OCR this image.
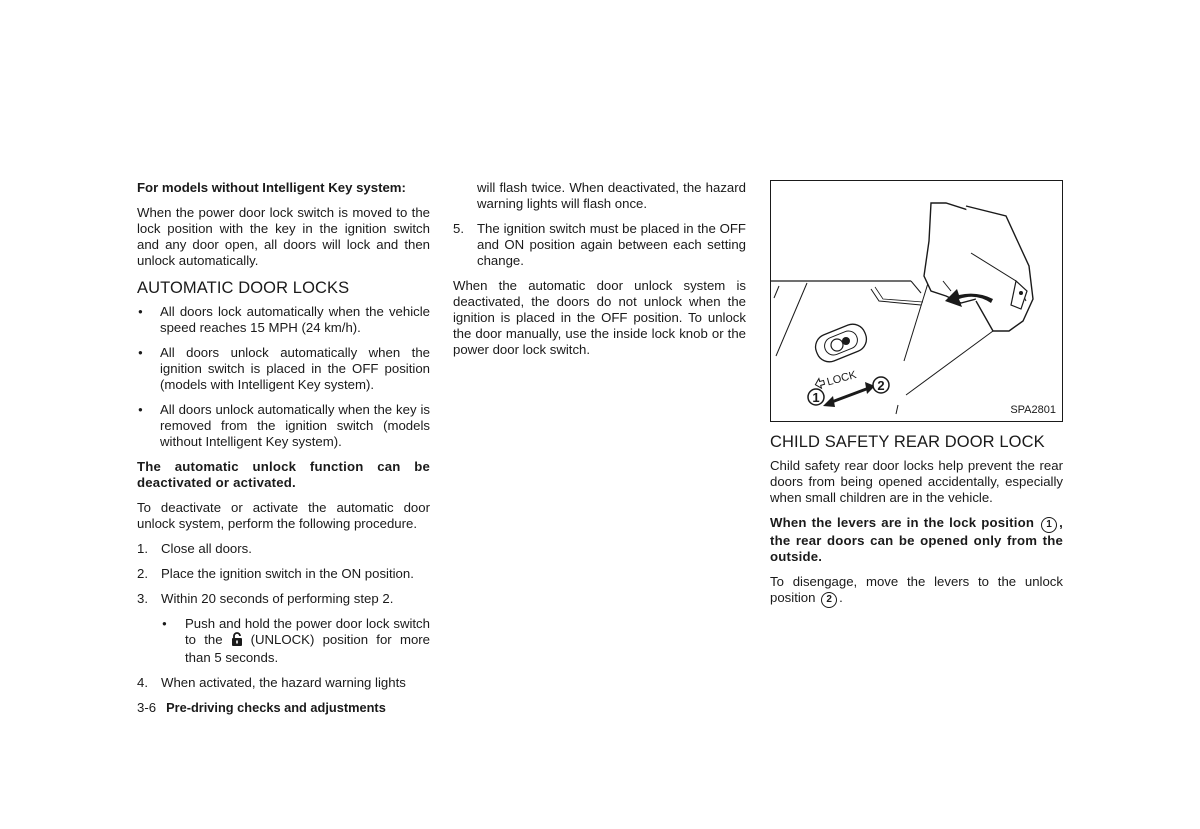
For models without Intelligent Key system:

When the power door lock switch is moved to the lock position with the key in the ignition switch and any door open, all doors will lock and then unlock automatically.

AUTOMATIC DOOR LOCKS
● All doors lock automatically when the vehicle speed reaches 15 MPH (24 km/h).
● All doors unlock automatically when the ignition switch is placed in the OFF position (models with Intelligent Key system).
● All doors unlock automatically when the key is removed from the ignition switch (models without Intelligent Key system).
The automatic unlock function can be deactivated or activated.

To deactivate or activate the automatic door unlock system, perform the following procedure.

1. Close all doors.
2. Place the ignition switch in the ON position.
3. Within 20 seconds of performing step 2.
● Push and hold the power door lock switch to the (UNLOCK) position for more than 5 seconds.
4. When activated, the hazard warning lights

will flash twice. When deactivated, the hazard warning lights will flash once.

5. The ignition switch must be placed in the OFF and ON position again between each setting change.

When the automatic door unlock system is deactivated, the doors do not unlock when the ignition is placed in the OFF position. To unlock the door manually, use the inside lock knob or the power door lock switch.

LOCK
1
2
SPA2801
CHILD SAFETY REAR DOOR LOCK

Child safety rear door locks help prevent the rear doors from being opened accidentally, especially when small children are in the vehicle.

When the levers are in the lock position 1 , the rear doors can be opened only from the outside.

To disengage, move the levers to the unlock position 2 .

3-6 Pre-driving checks and adjustments
